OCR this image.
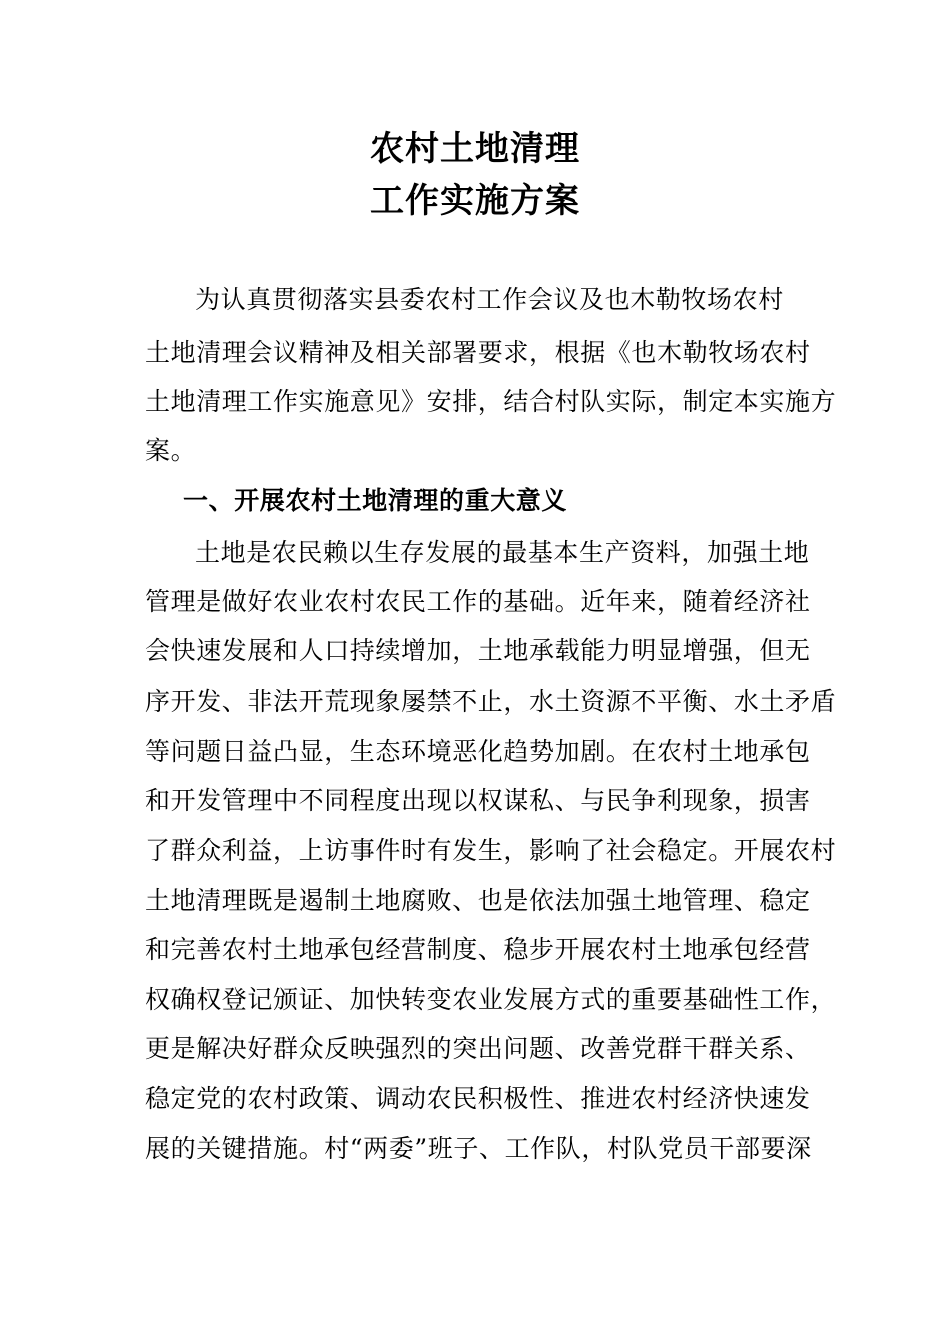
农村土地清理
工作实施方案
为认真贯彻落实县委农村工作会议及也木勒牧场农村
土地清理会议精神及相关部署要求，根据《也木勒牧场农村
土地清理工作实施意见》安排，结合村队实际，制定本实施方
案。
一、开展农村土地清理的重大意义
土地是农民赖以生存发展的最基本生产资料，加强土地
管理是做好农业农村农民工作的基础。近年来，随着经济社
会快速发展和人口持续增加，土地承载能力明显增强，但无
序开发、非法开荒现象屡禁不止，水土资源不平衡、水土矛盾
等问题日益凸显，生态环境恶化趋势加剧。在农村土地承包
和开发管理中不同程度出现以权谋私、与民争利现象，损害
了群众利益，上访事件时有发生，影响了社会稳定。开展农村
土地清理既是遏制土地腐败、也是依法加强土地管理、稳定
和完善农村土地承包经营制度、稳步开展农村土地承包经营
权确权登记颁证、加快转变农业发展方式的重要基础性工作，
更是解决好群众反映强烈的突出问题、改善党群干群关系、
稳定党的农村政策、调动农民积极性、推进农村经济快速发
展的关键措施。村“两委”班子、工作队，村队党员干部要深
